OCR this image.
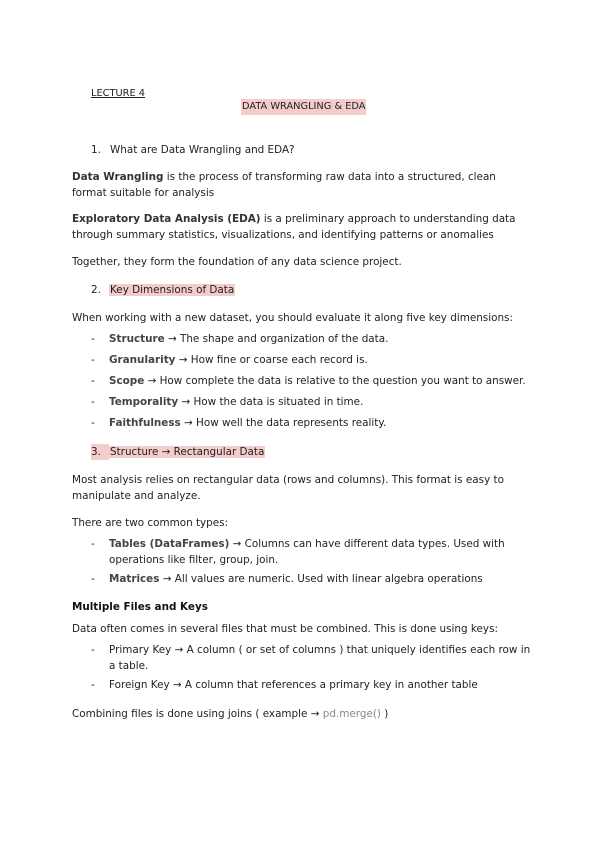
LECTURE 4
DATA WRANGLING & EDA
1. What are Data Wrangling and EDA?
Data Wrangling is the process of transforming raw data into a structured, clean format suitable for analysis
Exploratory Data Analysis (EDA) is a preliminary approach to understanding data through summary statistics, visualizations, and identifying patterns or anomalies
Together, they form the foundation of any data science project.
2. Key Dimensions of Data
When working with a new dataset, you should evaluate it along five key dimensions:
- Structure → The shape and organization of the data.
- Granularity → How fine or coarse each record is.
- Scope → How complete the data is relative to the question you want to answer.
- Temporality → How the data is situated in time.
- Faithfulness → How well the data represents reality.
3. Structure → Rectangular Data
Most analysis relies on rectangular data (rows and columns). This format is easy to manipulate and analyze.
There are two common types:
- Tables (DataFrames) → Columns can have different data types. Used with operations like filter, group, join.
- Matrices → All values are numeric. Used with linear algebra operations
Multiple Files and Keys
Data often comes in several files that must be combined. This is done using keys:
- Primary Key → A column ( or set of columns ) that uniquely identifies each row in a table.
- Foreign Key → A column that references a primary key in another table
Combining files is done using joins ( example → pd.merge() )
